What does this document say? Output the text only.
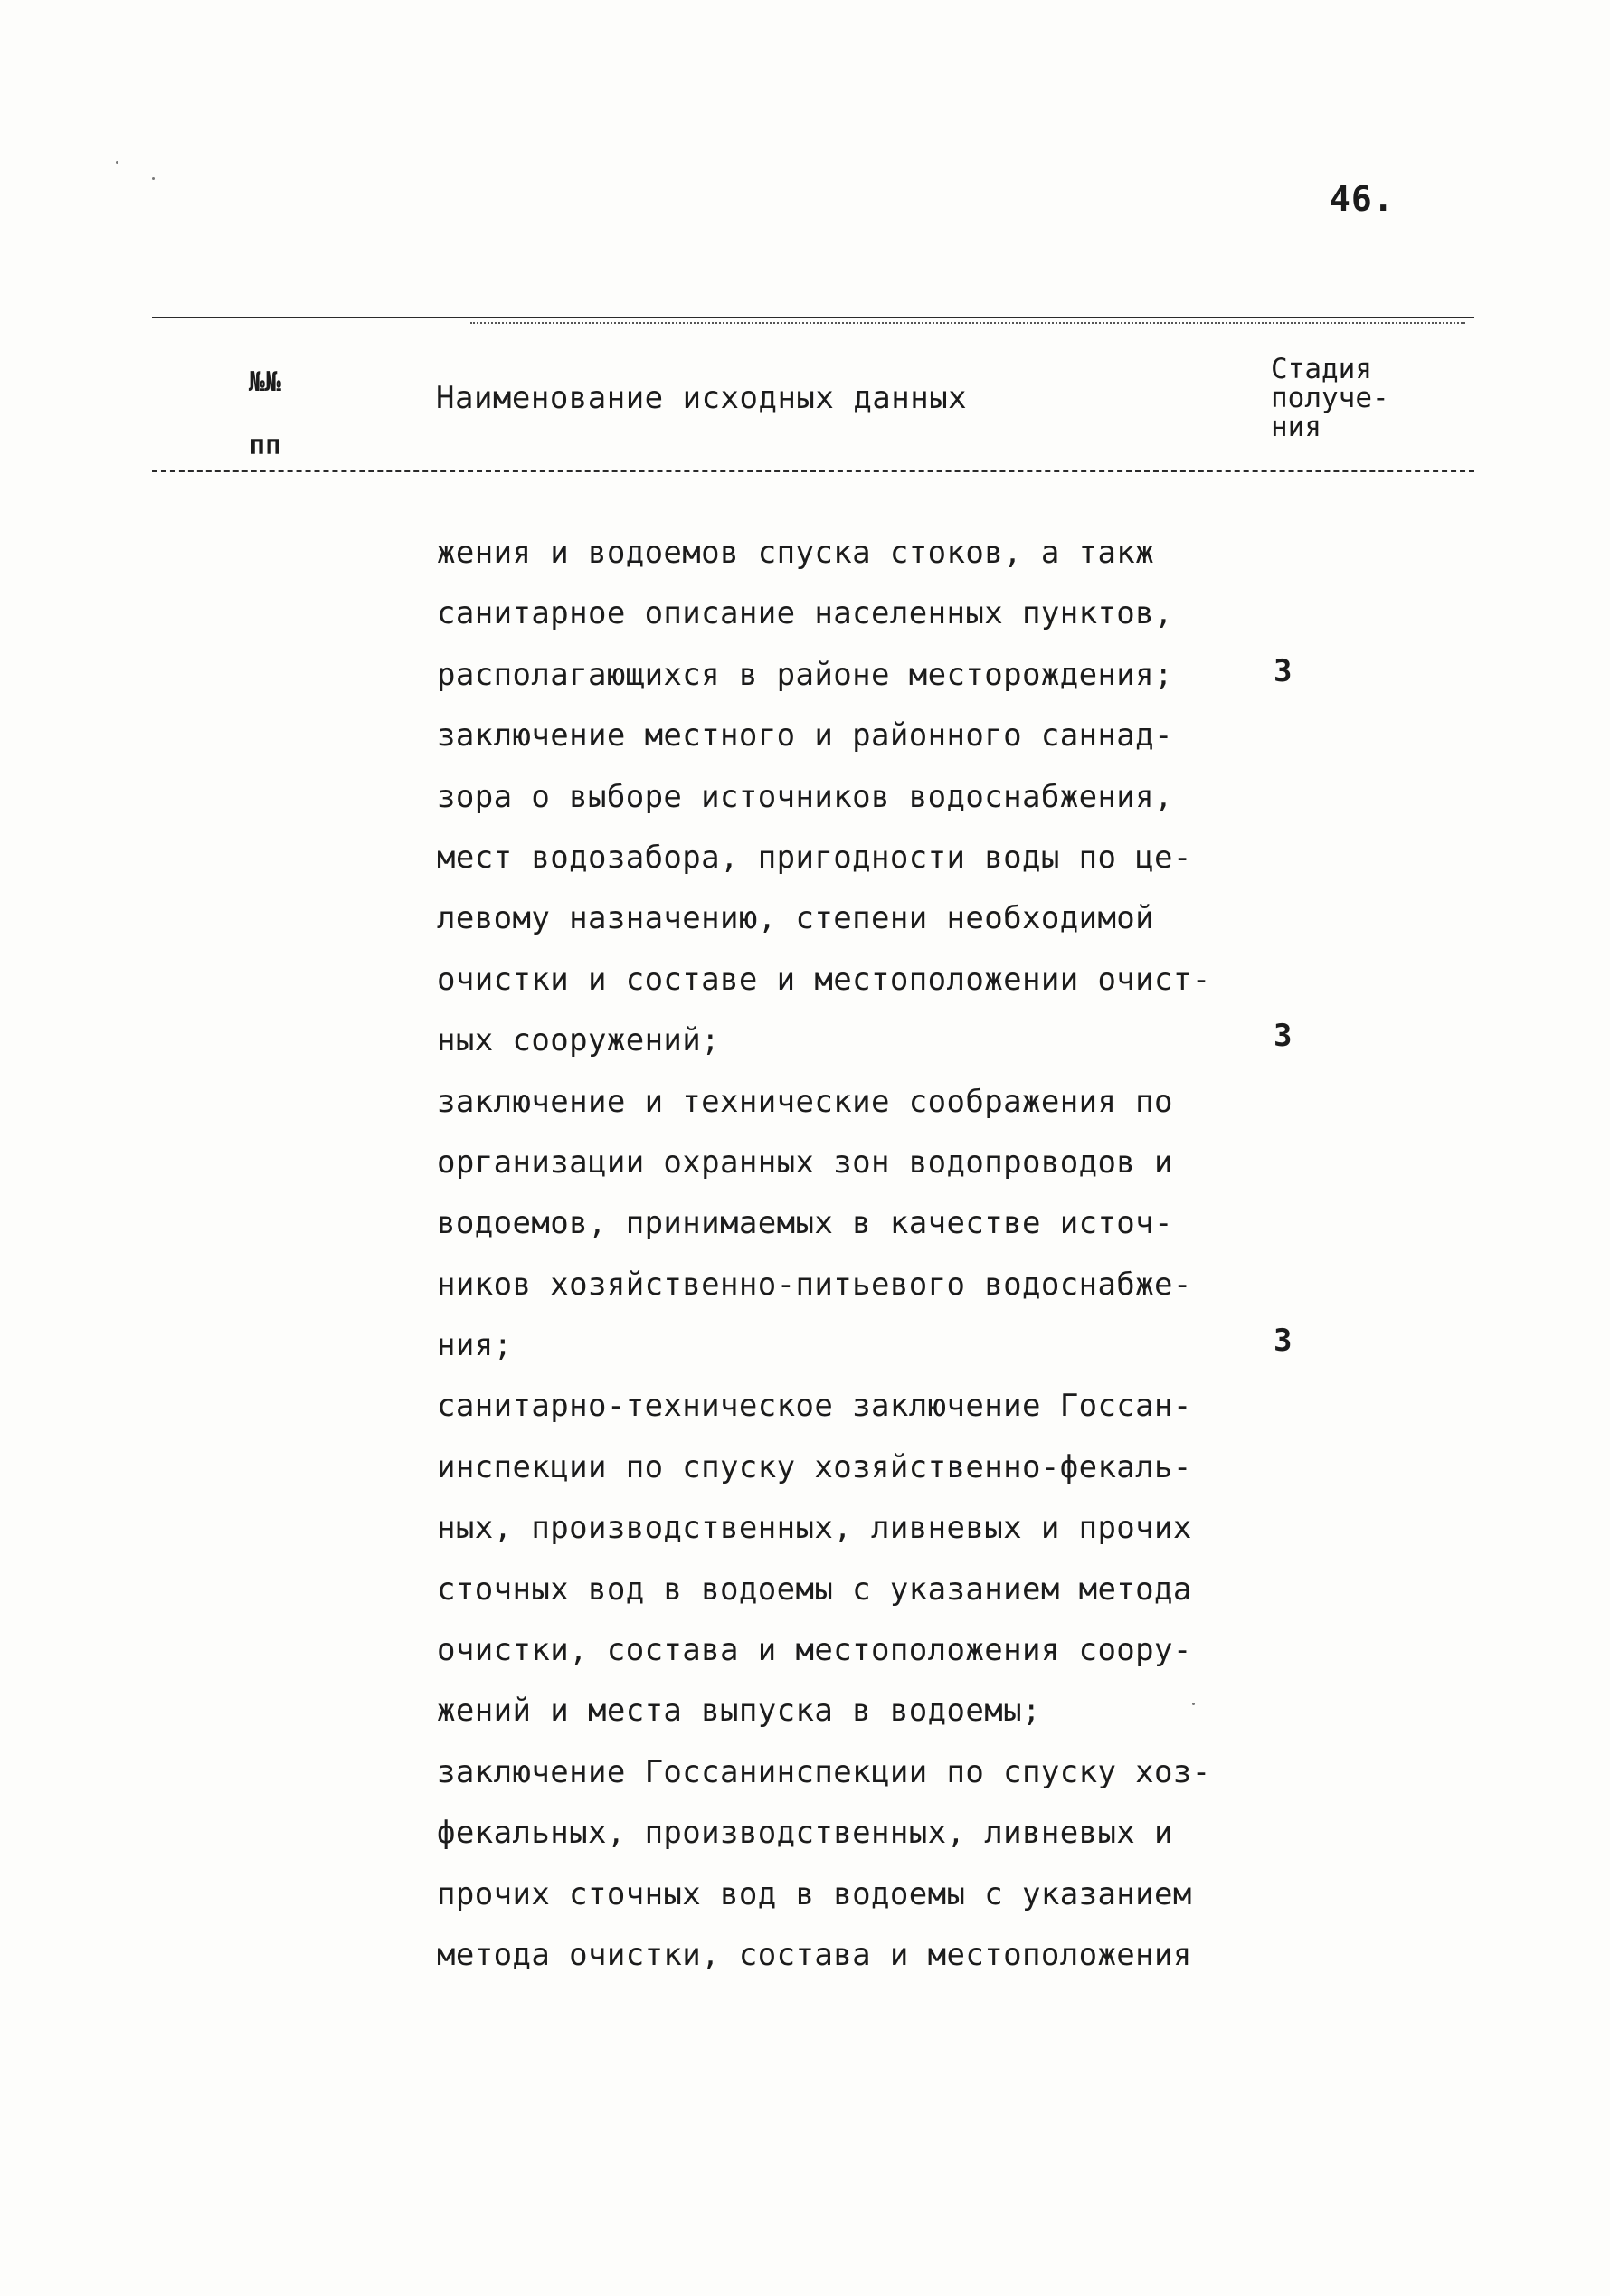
46.
№№
пп
Наименование исходных данных
Стадия
получе-
ния
жения и водоемов спуска стоков, а такж
санитарное описание населенных пунктов,
располагающихся в районе месторождения;
заключение местного и районного саннад-
зора о выборе источников водоснабжения,
мест водозабора, пригодности воды по це-
левому назначению, степени необходимой
очистки и составе и местоположении очист-
ных сооружений;
заключение и технические соображения по
организации охранных зон водопроводов и
водоемов, принимаемых в качестве источ-
ников хозяйственно-питьевого водоснабже-
ния;
санитарно-техническое заключение Госсан-
инспекции по спуску хозяйственно-фекаль-
ных, производственных, ливневых и прочих
сточных вод в водоемы с указанием метода
очистки, состава и местоположения соору-
жений и места выпуска в водоемы;
заключение Госсанинспекции по спуску хоз-
фекальных, производственных, ливневых и
прочих сточных вод в водоемы с указанием
метода очистки, состава и местоположения
3
3
3
